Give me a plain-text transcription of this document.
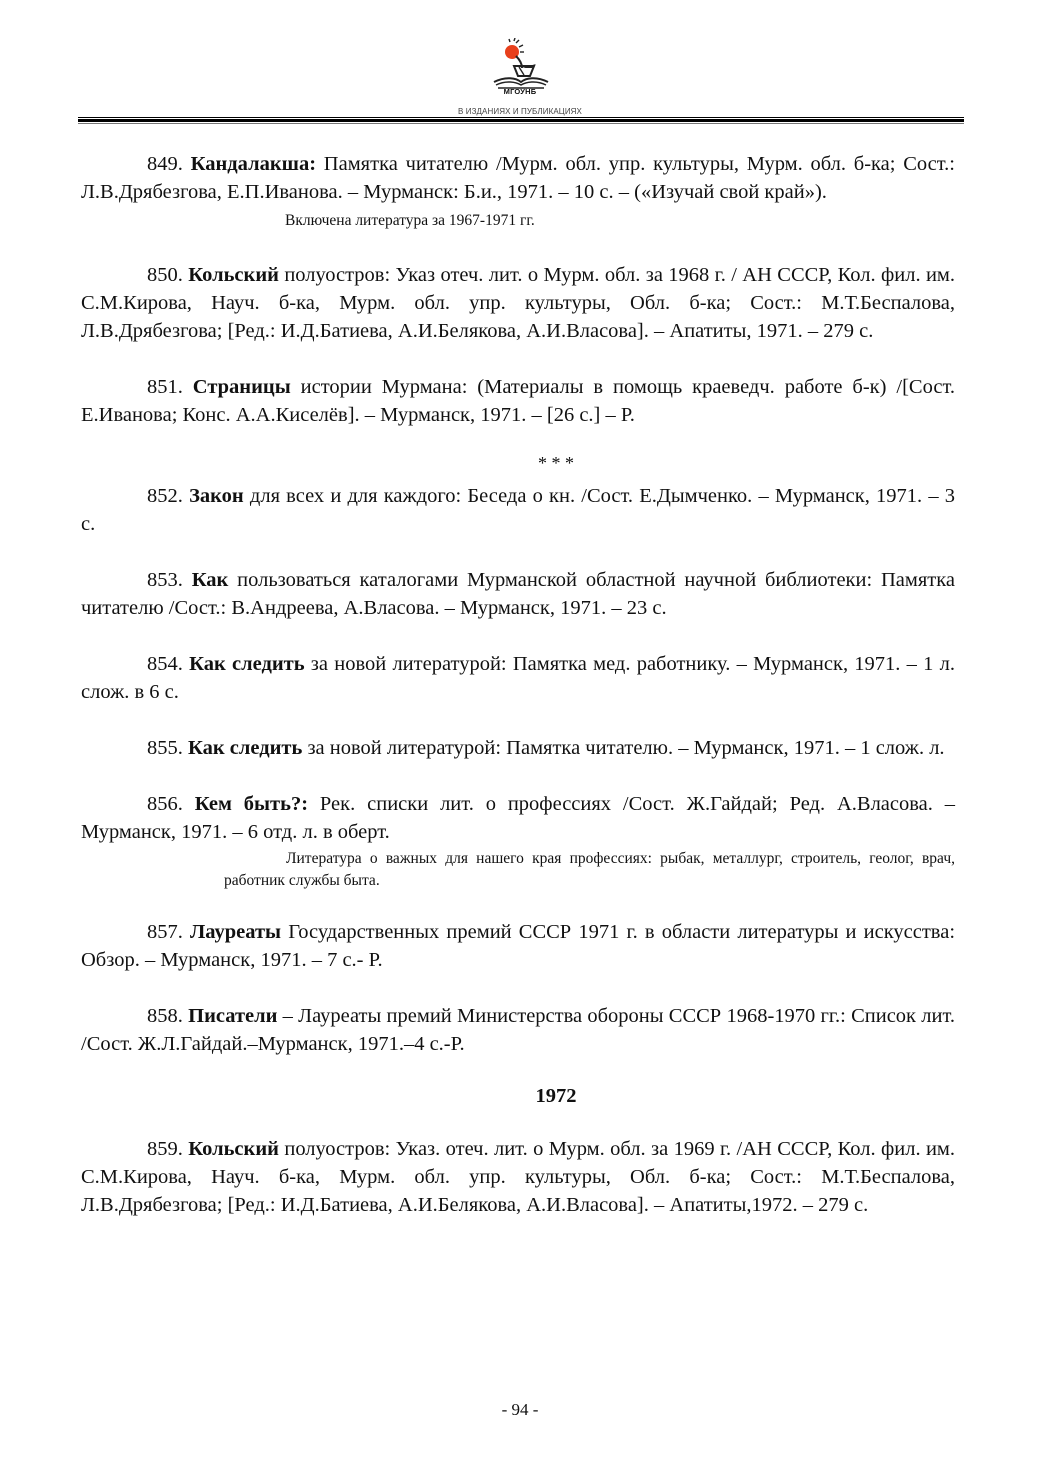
МГОУНБ
В ИЗДАНИЯХ И ПУБЛИКАЦИЯХ

849. Кандалакша: Памятка читателю /Мурм. обл. упр. культуры, Мурм. обл. б-ка; Сост.: Л.В.Дрябезгова, Е.П.Иванова. – Мурманск: Б.и., 1971. – 10 с. – («Изучай свой край»).

Включена литература за 1967-1971 гг.

850. Кольский полуостров: Указ отеч. лит. о Мурм. обл. за 1968 г. / АН СССР, Кол. фил. им. С.М.Кирова, Науч. б-ка, Мурм. обл. упр. культуры, Обл. б-ка; Сост.: М.Т.Беспалова, Л.В.Дрябезгова; [Ред.: И.Д.Батиева, А.И.Белякова, А.И.Власова]. – Апатиты, 1971. – 279 с.

851. Страницы истории Мурмана: (Материалы в помощь краеведч. работе б-к) /[Сост. Е.Иванова; Конс. А.А.Киселёв]. – Мурманск, 1971. – [26 с.] – Р.

* * *

852. Закон для всех и для каждого: Беседа о кн. /Сост. Е.Дымченко. – Мурманск, 1971. – 3 с.

853. Как пользоваться каталогами Мурманской областной научной библиотеки: Памятка читателю /Сост.: В.Андреева, А.Власова. – Мурманск, 1971. – 23 с.

854. Как следить за новой литературой: Памятка мед. работнику. – Мурманск, 1971. – 1 л. слож. в 6 с.

855. Как следить за новой литературой: Памятка читателю. – Мурманск, 1971. – 1 слож. л.

856. Кем быть?: Рек. списки лит. о профессиях /Сост. Ж.Гайдай; Ред. А.Власова. – Мурманск, 1971. – 6 отд. л. в оберт.

Литература о важных для нашего края профессиях: рыбак, металлург, строитель, геолог, врач, работник службы быта.

857. Лауреаты Государственных премий СССР 1971 г. в области литературы и искусства: Обзор. – Мурманск, 1971. – 7 с.- Р.

858. Писатели – Лауреаты премий Министерства обороны СССР 1968-1970 гг.: Список лит. /Сост. Ж.Л.Гайдай.–Мурманск, 1971.–4 с.-Р.

1972

859. Кольский полуостров: Указ. отеч. лит. о Мурм. обл. за 1969 г. /АН СССР, Кол. фил. им. С.М.Кирова, Науч. б-ка, Мурм. обл. упр. культуры, Обл. б-ка; Сост.: М.Т.Беспалова, Л.В.Дрябезгова; [Ред.: И.Д.Батиева, А.И.Белякова, А.И.Власова]. – Апатиты,1972. – 279 с.

- 94 -
